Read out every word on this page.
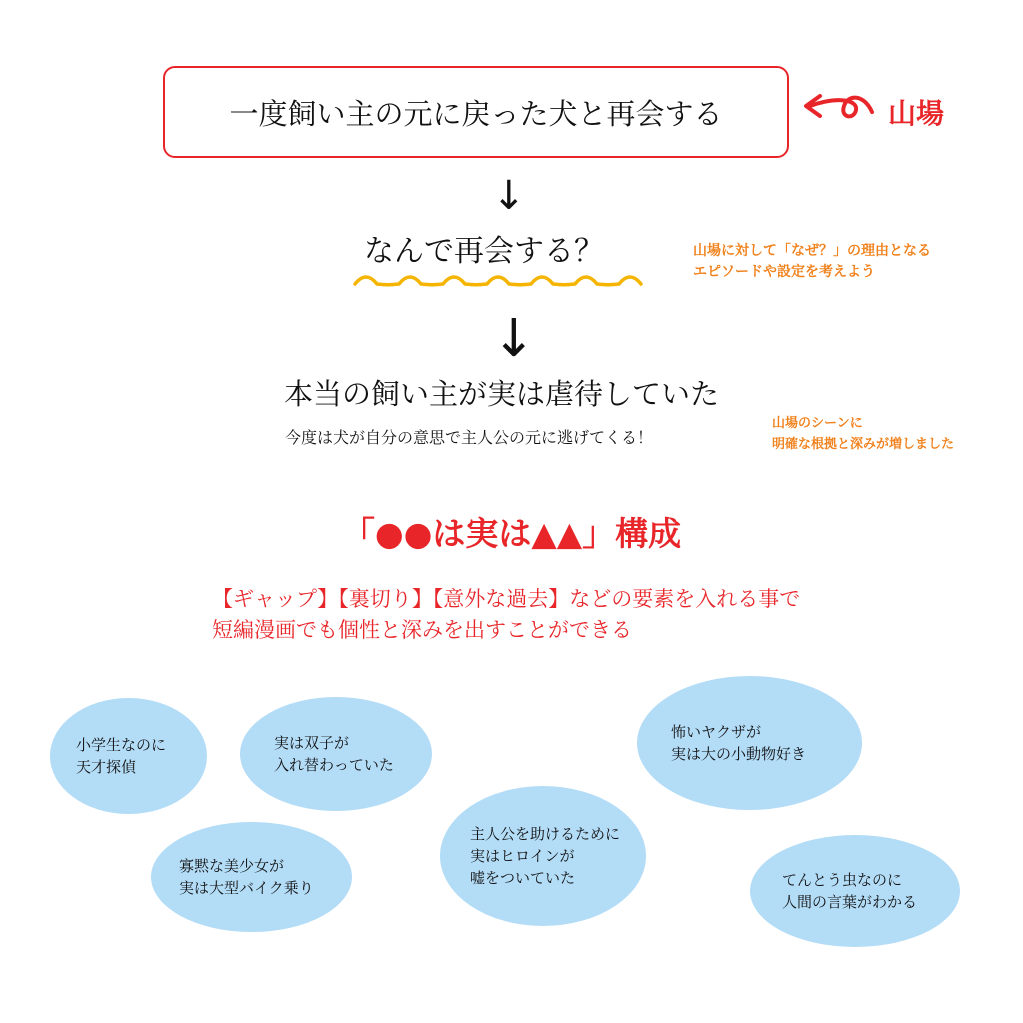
一度飼い主の元に戻った犬と再会する	山場
↓
なんで再会する？	山場に対して「なぜ？」の理由となる
エピソードや設定を考えよう
↓
本当の飼い主が実は虐待していた
今度は犬が自分の意思で主人公の元に逃げてくる！
山場のシーンに
明確な根拠と深みが増しました
「●●は実は▲▲」構成
【ギャップ】【裏切り】【意外な過去】などの要素を入れる事で
短編漫画でも個性と深みを出すことができる
小学生なのに
天才探偵
実は双子が
入れ替わっていた
寡黙な美少女が
実は大型バイク乗り
主人公を助けるために
実はヒロインが
嘘をついていた
怖いヤクザが
実は大の小動物好き
てんとう虫なのに
人間の言葉がわかる
